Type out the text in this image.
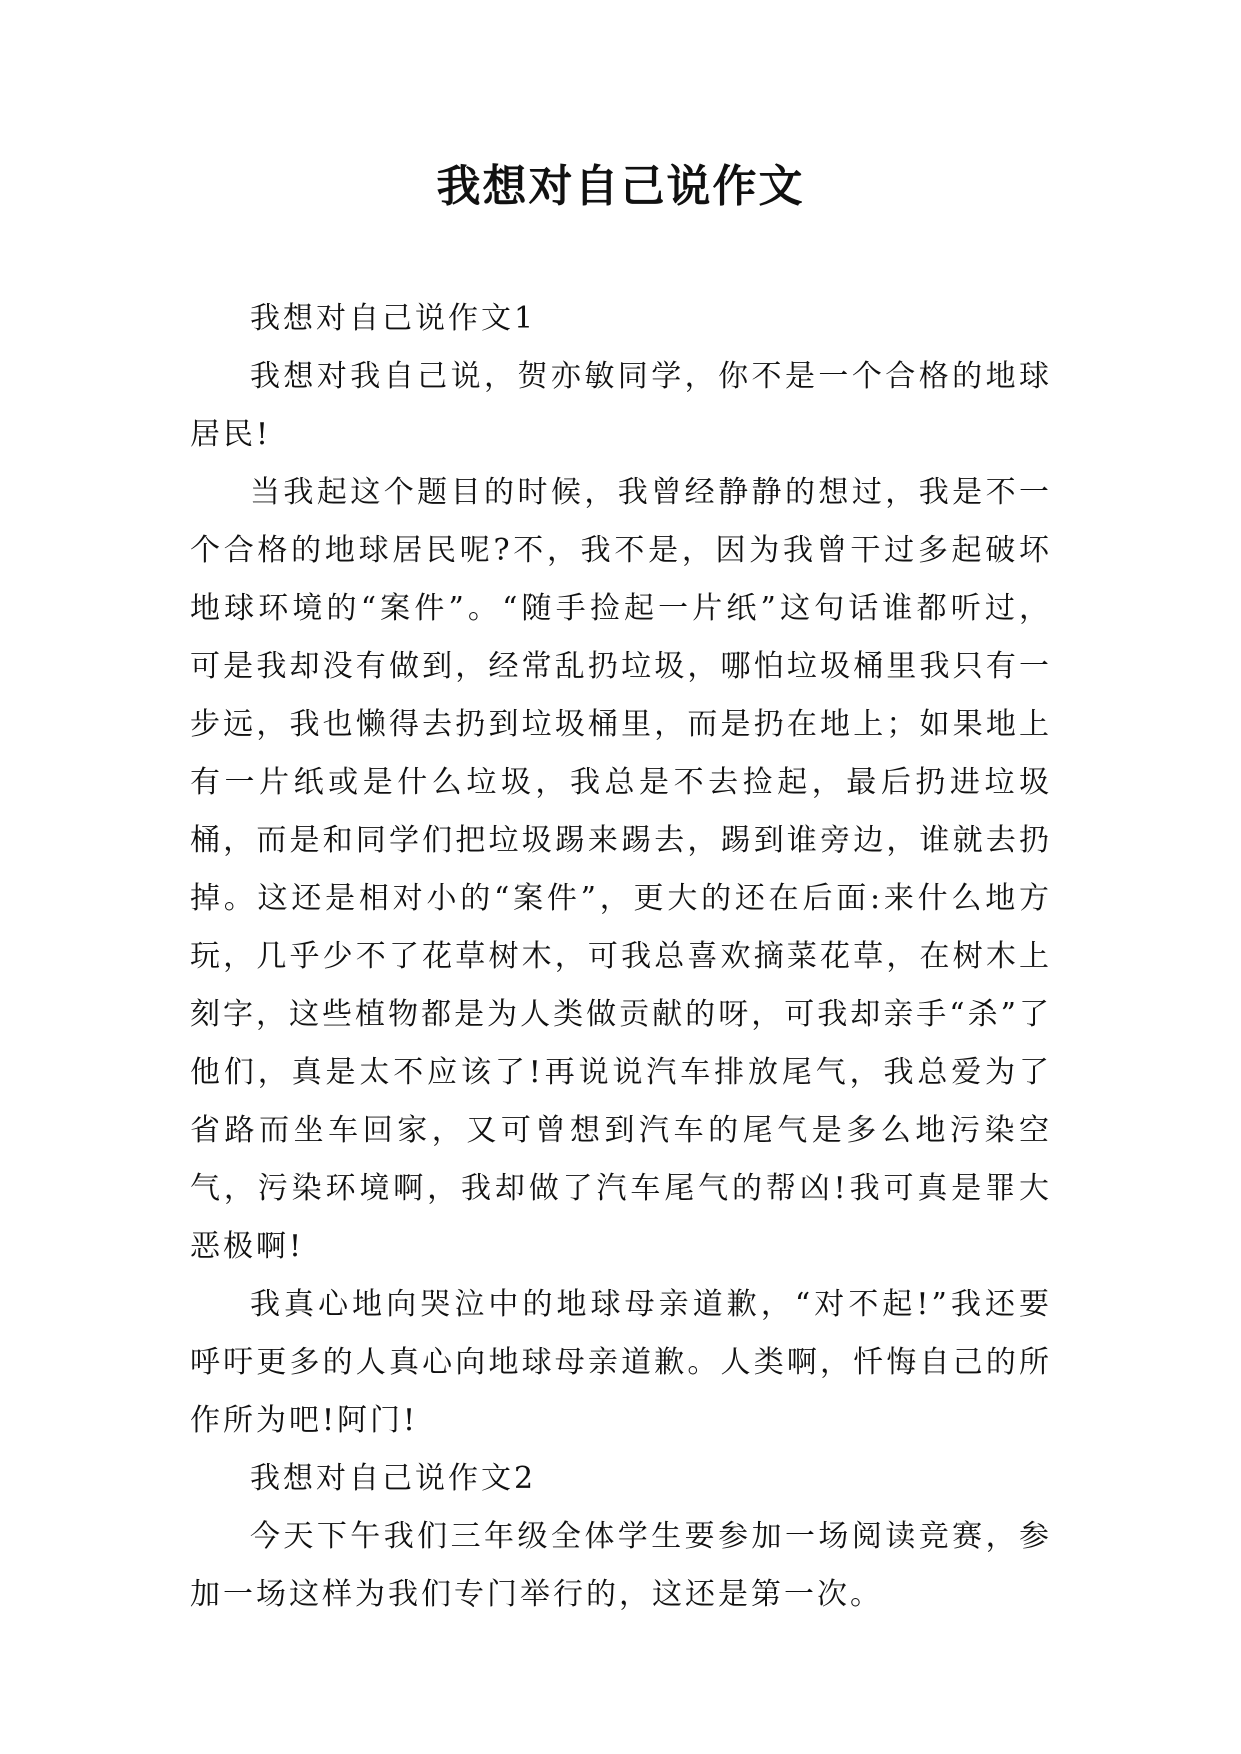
我想对自己说作文

我想对自己说作文1

我想对我自己说，贺亦敏同学，你不是一个合格的地球居民!

当我起这个题目的时候，我曾经静静的想过，我是不一个合格的地球居民呢?不，我不是，因为我曾干过多起破坏地球环境的“案件”。“随手捡起一片纸”这句话谁都听过，可是我却没有做到，经常乱扔垃圾，哪怕垃圾桶里我只有一步远，我也懒得去扔到垃圾桶里，而是扔在地上；如果地上有一片纸或是什么垃圾，我总是不去捡起，最后扔进垃圾桶，而是和同学们把垃圾踢来踢去，踢到谁旁边，谁就去扔掉。这还是相对小的“案件”，更大的还在后面:来什么地方玩，几乎少不了花草树木，可我总喜欢摘菜花草，在树木上刻字，这些植物都是为人类做贡献的呀，可我却亲手“杀”了他们，真是太不应该了!再说说汽车排放尾气，我总爱为了省路而坐车回家，又可曾想到汽车的尾气是多么地污染空气，污染环境啊，我却做了汽车尾气的帮凶!我可真是罪大恶极啊!

我真心地向哭泣中的地球母亲道歉，“对不起!”我还要呼吁更多的人真心向地球母亲道歉。人类啊，忏悔自己的所作所为吧!阿门!

我想对自己说作文2

今天下午我们三年级全体学生要参加一场阅读竞赛，参加一场这样为我们专门举行的，这还是第一次。
